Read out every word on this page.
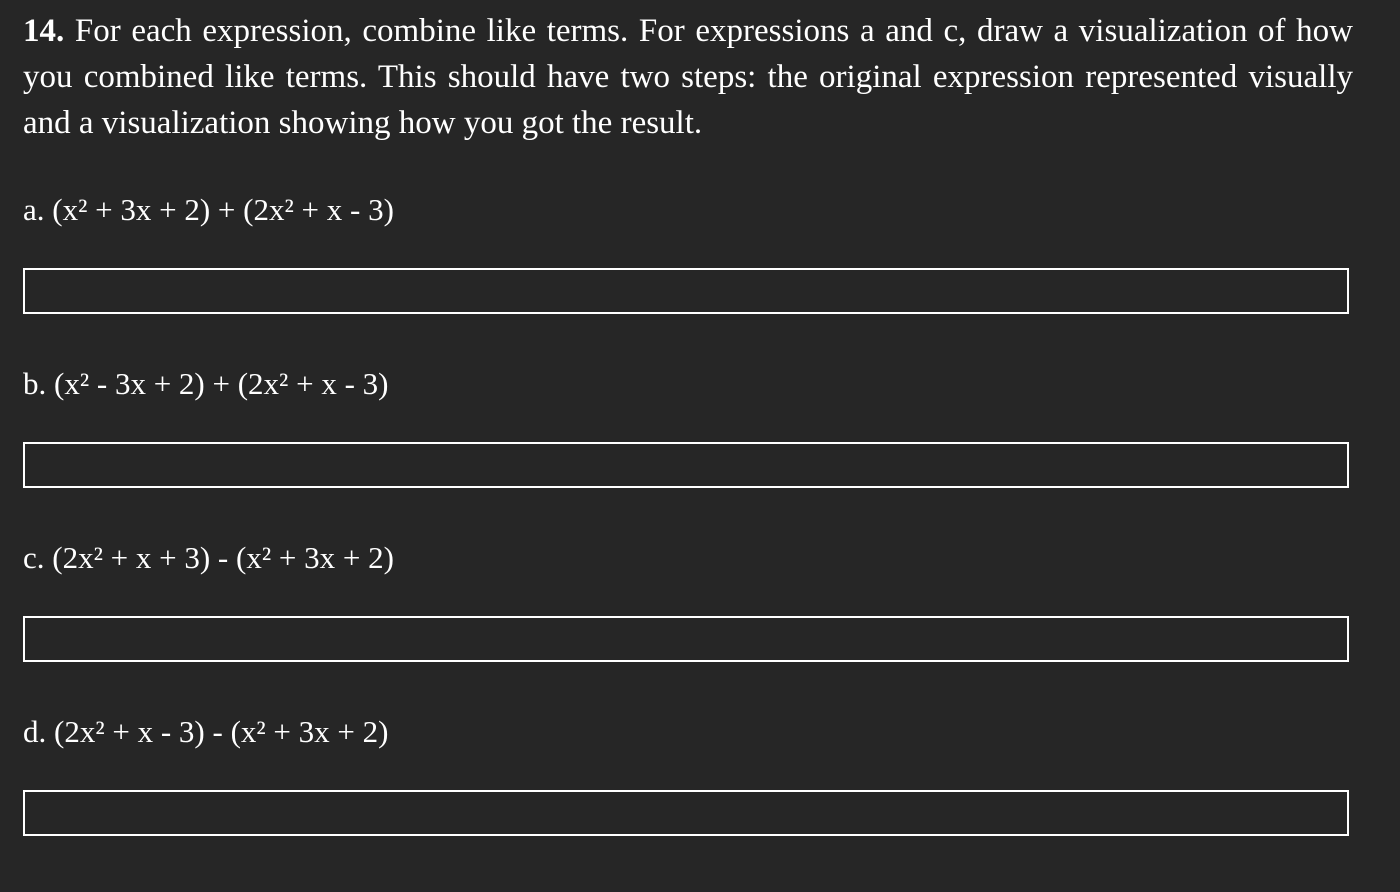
14. For each expression, combine like terms. For expressions a and c, draw a visualization of how you combined like terms. This should have two steps: the original expression represented visually and a visualization showing how you got the result.

a. (x² + 3x + 2) + (2x² + x - 3)

b. (x² - 3x + 2) + (2x² + x - 3)

c. (2x² + x + 3) - (x² + 3x + 2)

d. (2x² + x - 3) - (x² + 3x + 2)
